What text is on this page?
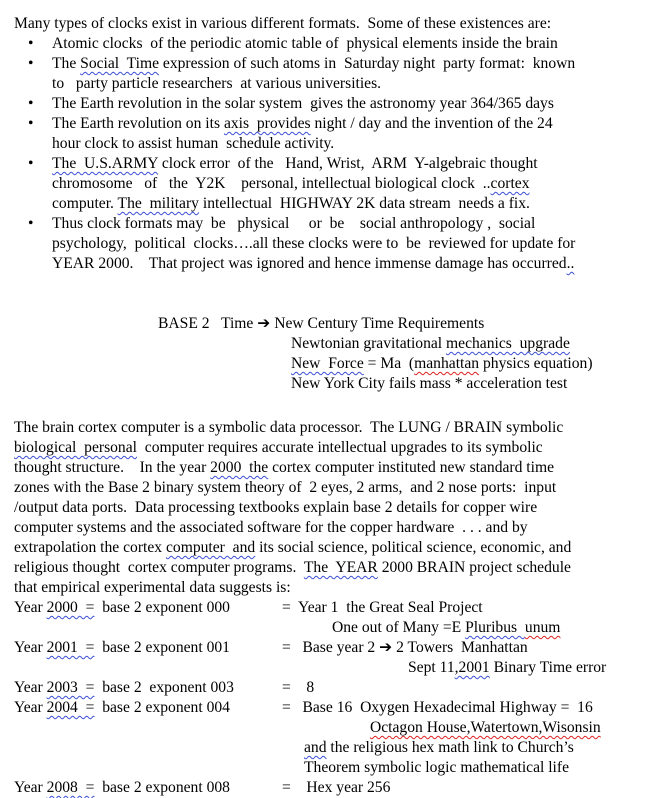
Many types of clocks exist in various different formats.  Some of these existences are:
• Atomic clocks  of the periodic atomic table of  physical elements inside the brain
• The Social  Time expression of such atoms in  Saturday night  party format:  known
to   party particle researchers  at various universities.
• The Earth revolution in the solar system  gives the astronomy year 364/365 days
• The Earth revolution on its axis  provides night / day and the invention of the 24
hour clock to assist human  schedule activity.
• The  U.S.ARMY clock error  of the   Hand, Wrist,  ARM  Y-algebraic thought
chromosome   of   the  Y2K    personal, intellectual biological clock  ..cortex
computer. The  military intellectual  HIGHWAY 2K data stream  needs a fix.
• Thus clock formats may  be   physical     or  be    social anthropology ,  social
psychology,  political  clocks….all these clocks were to  be  reviewed for update for
YEAR 2000.    That project was ignored and hence immense damage has occurred..
BASE 2   Time ➔ New Century Time Requirements
Newtonian gravitational mechanics  upgrade
New  Force = Ma  (manhattan physics equation)
New York City fails mass * acceleration test
The brain cortex computer is a symbolic data processor.  The LUNG / BRAIN symbolic
biological  personal  computer requires accurate intellectual upgrades to its symbolic
thought structure.    In the year 2000  the cortex computer instituted new standard time
zones with the Base 2 binary system theory of  2 eyes, 2 arms,  and 2 nose ports:  input
/output data ports.  Data processing textbooks explain base 2 details for copper wire
computer systems and the associated software for the copper hardware  . . . and by
extrapolation the cortex computer  and its social science, political science, economic, and
religious thought  cortex computer programs.  The  YEAR 2000 BRAIN project schedule
that empirical experimental data suggests is:
Year 2000  =  base 2 exponent 000	=  Year 1  the Great Seal Project
One out of Many =E Pluribus  unum
Year 2001  =  base 2 exponent 001	=   Base year 2 ➔ 2 Towers  Manhattan
Sept 11,2001 Binary Time error
Year 2003  =  base 2  exponent 003	=    8
Year 2004  =  base 2 exponent 004	=   Base 16  Oxygen Hexadecimal Highway =  16
Octagon House,Watertown,Wisonsin
and the religious hex math link to Church’s
Theorem symbolic logic mathematical life
Year 2008  =  base 2 exponent 008	=    Hex year 256
